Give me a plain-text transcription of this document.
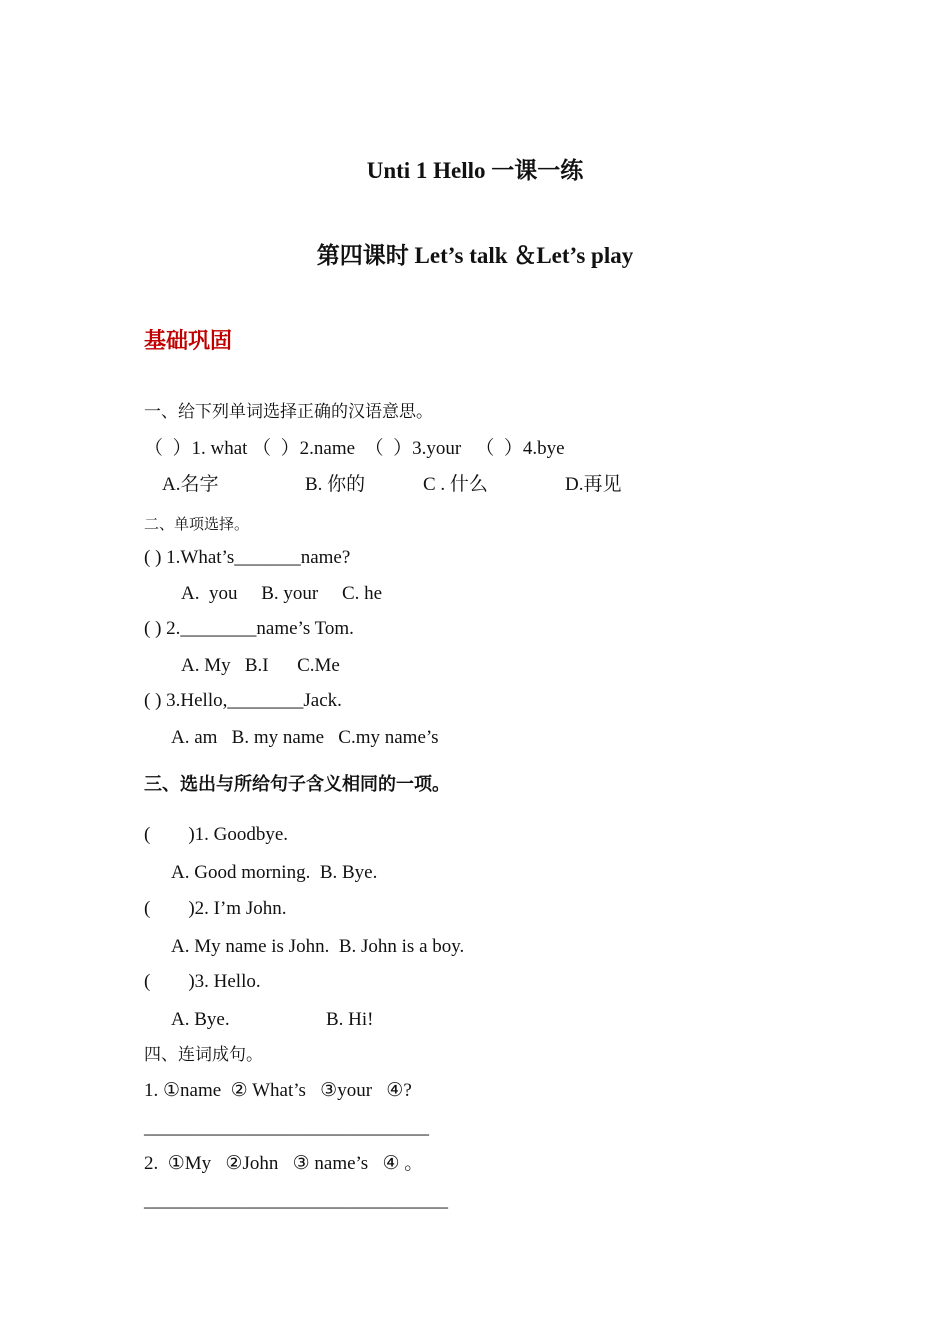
Unti 1 Hello 一课一练
第四课时 Let’s talk ＆Let’s play
基础巩固
一、给下列单词选择正确的汉语意思。
（  ）1. what （  ）2.name  （  ）3.your   （  ）4.bye
A.名字	B. 你的	C . 什么	D.再见
二、单项选择。
( ) 1.What’s_______name?
A.  you     B. your     C. he
( ) 2.________name’s Tom.
A. My   B.I      C.Me
( ) 3.Hello,________Jack.
A. am   B. my name   C.my name’s
三、选出与所给句子含义相同的一项。
(        )1. Goodbye.
A. Good morning.  B. Bye.
(        )2. I’m John.
A. My name is John.  B. John is a boy.
(        )3. Hello.
A. Bye.	B. Hi!
四、连词成句。
1. ①name  ② What’s   ③your   ④?
______________________________
2.  ①My   ②John   ③ name’s   ④ 。
________________________________
